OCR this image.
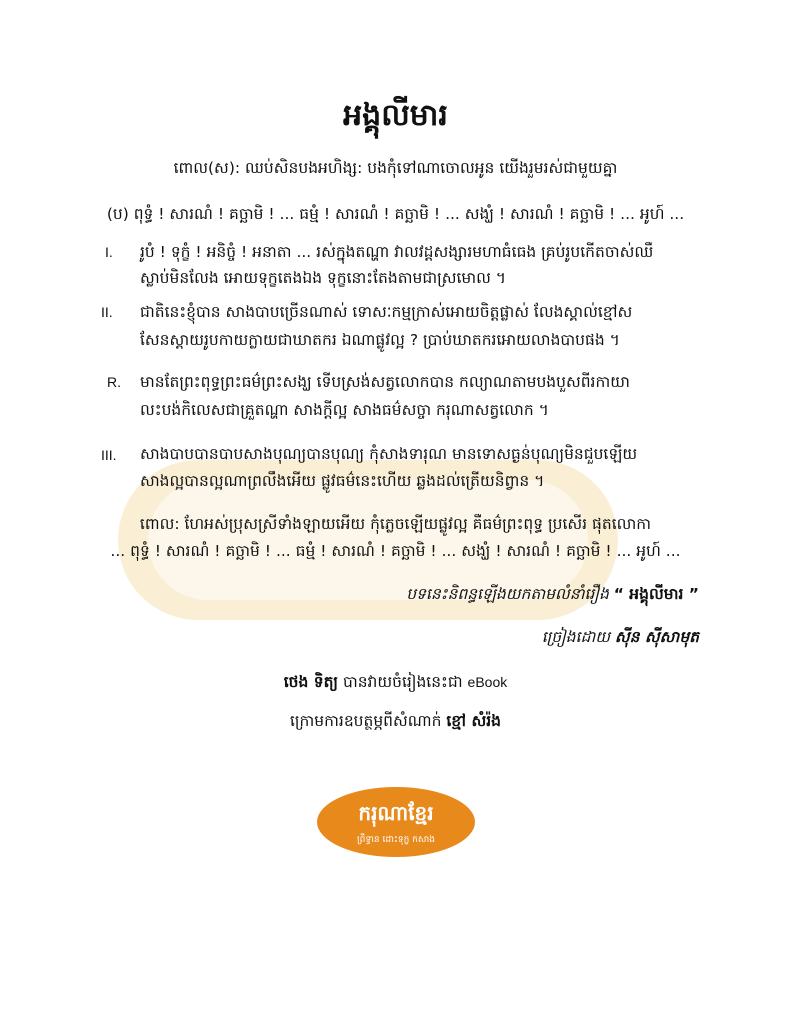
អង្គុលីមារ
ពោល(ស): ឈប់សិនបងអហិង្ស: បងកុំទៅណាចោលអូន យើងរួមរស់ជាមួយគ្នា
(ប) ពុទ្ធំ ! សារណំ ! គច្ឆាមិ ! ... ធម្មំ ! សារណំ ! គច្ឆាមិ ! ... សង្ឃំ ! សារណំ ! គច្ឆាមិ ! ... អូហ៍ ...
I. រូបំ ! ទុក្ខំ ! អនិច្ចំ ! អនាតា ... រស់ក្នុងតណ្ហា វាលវដ្តសង្សារមហាធំធេង គ្រប់រូបកើតចាស់ឈឺ
ស្លាប់មិនលែង អោយទុក្ខតេងឯង ទុក្ខនោះតែងតាមជាស្រមោល ។
II. ជាតិនេះខ្ញុំបាន សាងបាបច្រើនណាស់ ទោសៈកម្មក្រាស់អោយចិត្តផ្លាស់ លែងស្គាល់ខ្មៅស
សែនស្តាយរូបកាយក្លាយជាឃាតករ ឯណាផ្លូវល្អ ? ប្រាប់ឃាតករអោយលាងបាបផង ។
R. មានតែព្រះពុទ្ធព្រះធម៌ព្រះសង្ឃ ទើបស្រង់សត្វលោកបាន កល្យាណតាមបងបួសពីរកាយា
លះបង់កិលេសជាគ្រួតណ្ហា សាងក្តីល្អ សាងធម៌សច្ចា ករុណាសត្វលោក ។
III. សាងបាបបានបាបសាងបុណ្យបានបុណ្យ កុំសាងទារុណ មានទោសធ្ងន់បុណ្យមិនជួបឡើយ
សាងល្អបានល្អណាព្រលឹងអើយ ផ្លូវធម៌នេះហើយ ឆ្លងដល់ត្រើយនិព្វាន ។
ពោល: ហែអស់ប្រុសស្រីទាំងឡាយអើយ កុំភ្លេចឡើយផ្លូវល្អ គឺធម៌ព្រះពុទ្ធ ប្រសើរ ផុតលោកា
... ពុទ្ធំ ! សារណំ ! គច្ឆាមិ ! ... ធម្មំ ! សារណំ ! គច្ឆាមិ ! ... សង្ឃំ ! សារណំ ! គច្ឆាមិ ! ... អូហ៍ ...
បទនេះនិពន្ធឡើងយកតាមលំនាំរឿង “ អង្គុលីមារ ”
ច្រៀងដោយ ស៊ីន ស៊ីសាមុត
ថេង ទិត្យ បានវាយចំរៀងនេះជា eBook
ក្រោមការឧបត្ថម្ភពីសំណាក់ ខ្មៅ សំរ៉ង
ករុណាខ្មែរ
ព្រឹទ្ធាន ដោះទុក្ខ កសាង
